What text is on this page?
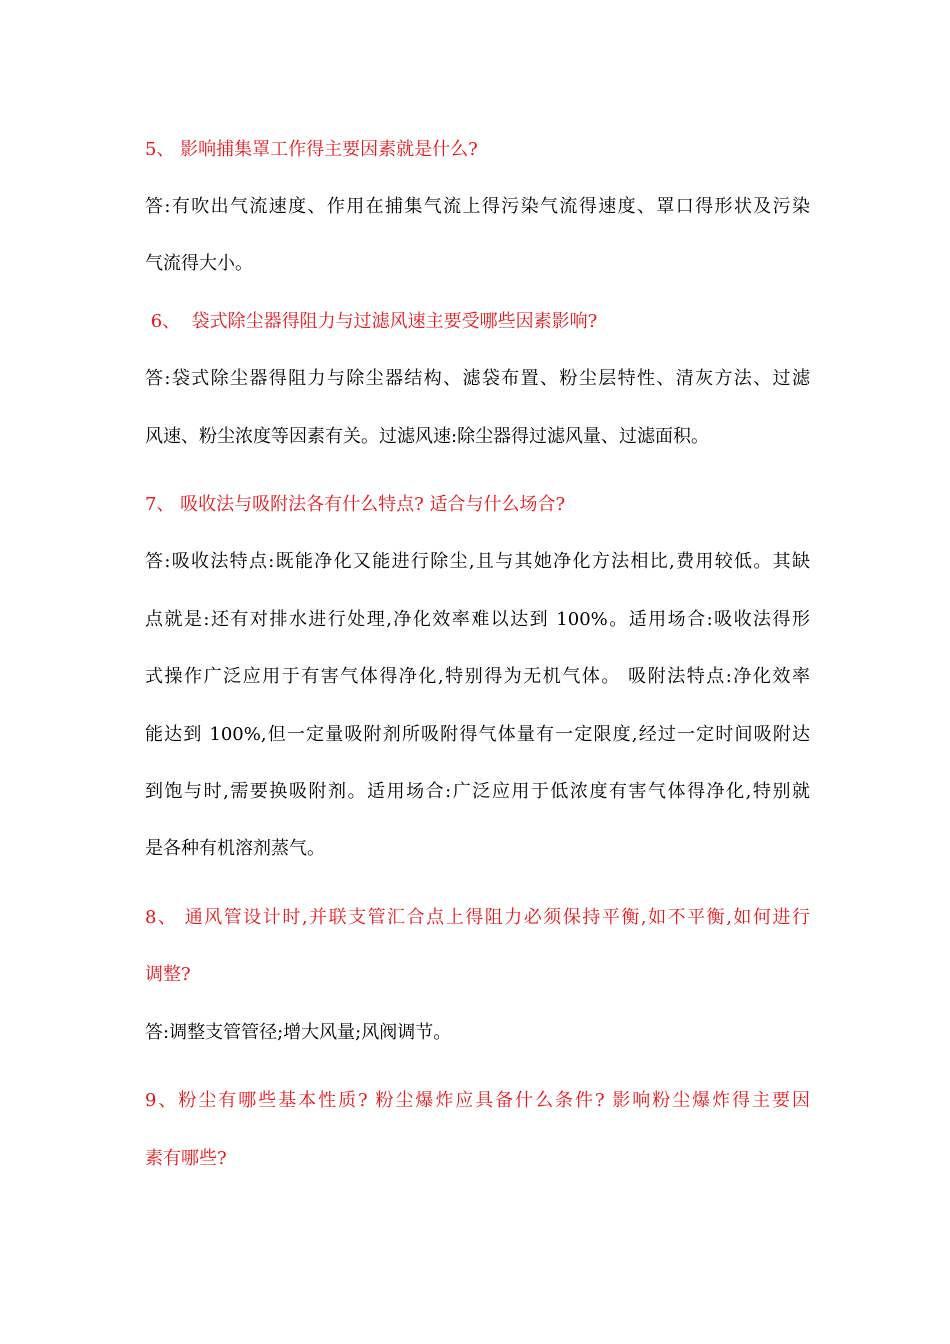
5、 影响捕集罩工作得主要因素就是什么?
答:有吹出气流速度、作用在捕集气流上得污染气流得速度、罩口得形状及污染
气流得大小。
6、  袋式除尘器得阻力与过滤风速主要受哪些因素影响?
答:袋式除尘器得阻力与除尘器结构、滤袋布置、粉尘层特性、清灰方法、过滤
风速、粉尘浓度等因素有关。过滤风速:除尘器得过滤风量、过滤面积。
7、 吸收法与吸附法各有什么特点? 适合与什么场合?
答:吸收法特点:既能净化又能进行除尘,且与其她净化方法相比,费用较低。其缺
点就是:还有对排水进行处理,净化效率难以达到 100%。适用场合:吸收法得形
式操作广泛应用于有害气体得净化,特别得为无机气体。 吸附法特点:净化效率
能达到 100%,但一定量吸附剂所吸附得气体量有一定限度,经过一定时间吸附达
到饱与时,需要换吸附剂。适用场合:广泛应用于低浓度有害气体得净化,特别就
是各种有机溶剂蒸气。
8、 通风管设计时,并联支管汇合点上得阻力必须保持平衡,如不平衡,如何进行
调整?
答:调整支管管径;增大风量;风阀调节。
9、粉尘有哪些基本性质? 粉尘爆炸应具备什么条件? 影响粉尘爆炸得主要因
素有哪些?
